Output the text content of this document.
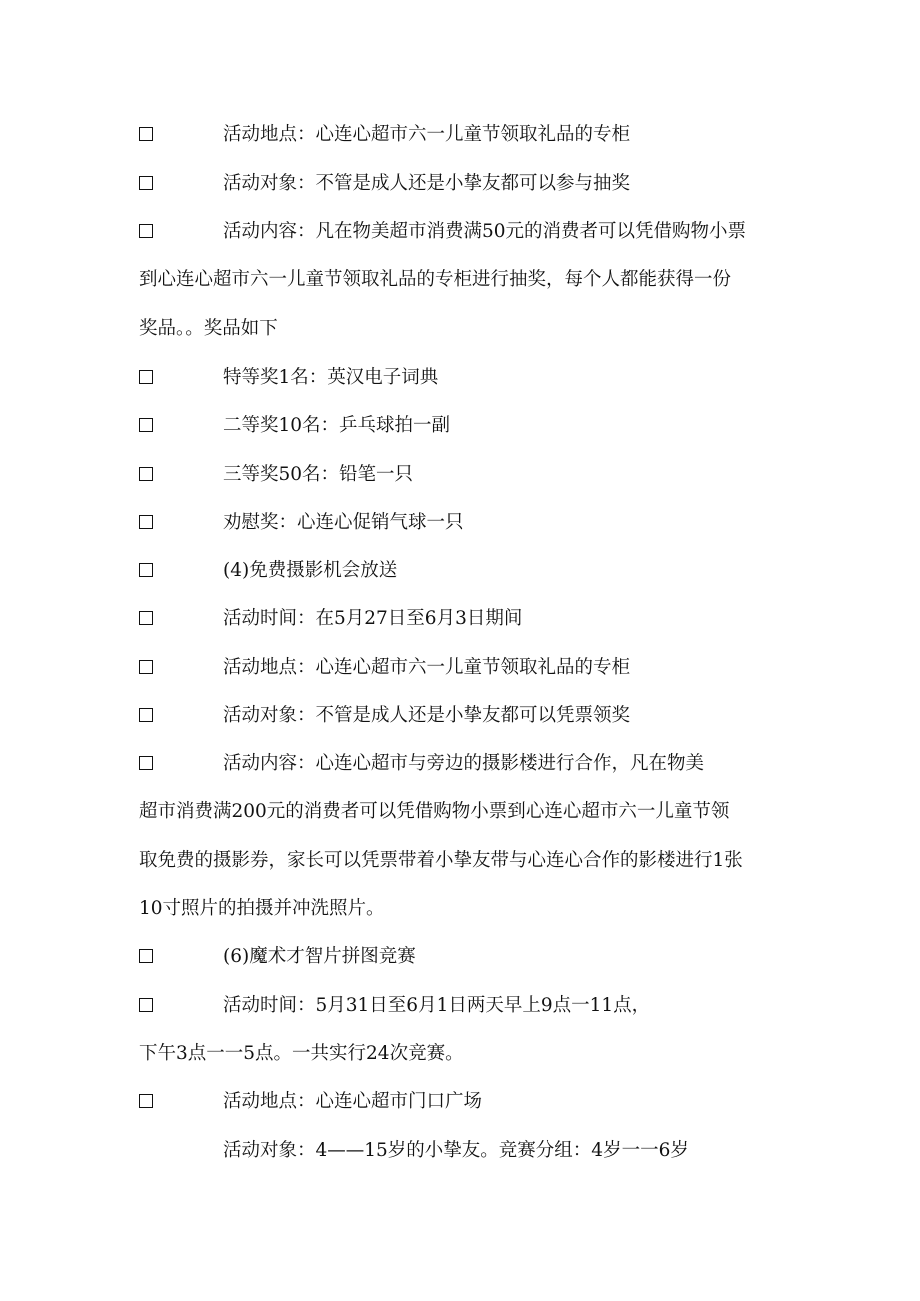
活动地点：心连心超市六一儿童节领取礼品的专柜
活动对象：不管是成人还是小挚友都可以参与抽奖
活动内容：凡在物美超市消费满50元的消费者可以凭借购物小票
到心连心超市六一儿童节领取礼品的专柜进行抽奖，每个人都能获得一份
奖品。。奖品如下
特等奖1名：英汉电子词典
二等奖10名：乒乓球拍一副
三等奖50名：铅笔一只
劝慰奖：心连心促销气球一只
(4)免费摄影机会放送
活动时间：在5月27日至6月3日期间
活动地点：心连心超市六一儿童节领取礼品的专柜
活动对象：不管是成人还是小挚友都可以凭票领奖
活动内容：心连心超市与旁边的摄影楼进行合作，凡在物美
超市消费满200元的消费者可以凭借购物小票到心连心超市六一儿童节领
取免费的摄影券，家长可以凭票带着小挚友带与心连心合作的影楼进行1张
10寸照片的拍摄并冲洗照片。
(6)魔术才智片拼图竞赛
活动时间：5月31日至6月1日两天早上9点一11点，
下午3点一一5点。一共实行24次竞赛。
活动地点：心连心超市门口广场
活动对象：4——15岁的小挚友。竞赛分组：4岁一一6岁
